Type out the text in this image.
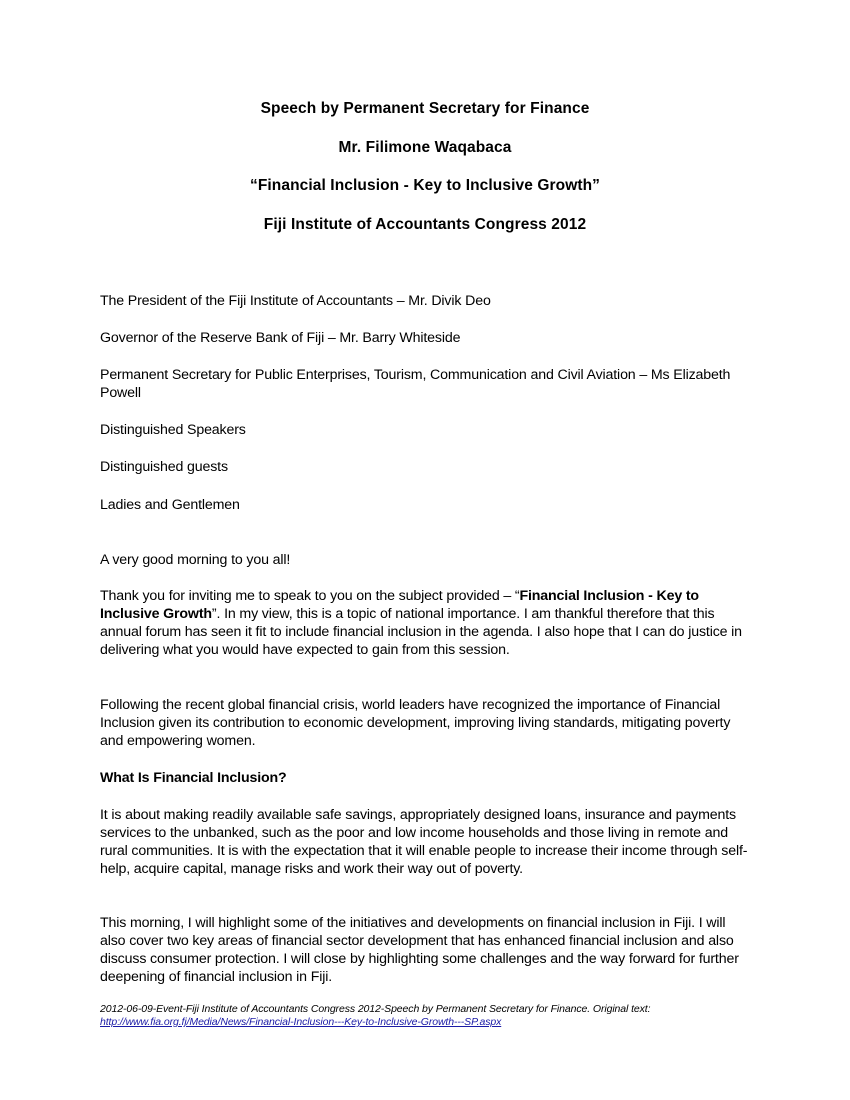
Speech by Permanent Secretary for Finance
Mr. Filimone Waqabaca
“Financial Inclusion - Key to Inclusive Growth”
Fiji Institute of Accountants Congress 2012
The President of the Fiji Institute of Accountants – Mr. Divik Deo
Governor of the Reserve Bank of Fiji – Mr. Barry Whiteside
Permanent Secretary for Public Enterprises, Tourism, Communication and Civil Aviation – Ms Elizabeth Powell
Distinguished Speakers
Distinguished guests
Ladies and Gentlemen
A very good morning to you all!
Thank you for inviting me to speak to you on the subject provided – “Financial Inclusion - Key to Inclusive Growth”. In my view, this is a topic of national importance. I am thankful therefore that this annual forum has seen it fit to include financial inclusion in the agenda. I also hope that I can do justice in delivering what you would have expected to gain from this session.
Following the recent global financial crisis, world leaders have recognized the importance of Financial Inclusion given its contribution to economic development, improving living standards, mitigating poverty and empowering women.
What Is Financial Inclusion?
It is about making readily available safe savings, appropriately designed loans, insurance and payments services to the unbanked, such as the poor and low income households and those living in remote and rural communities. It is with the expectation that it will enable people to increase their income through self-help, acquire capital, manage risks and work their way out of poverty.
This morning, I will highlight some of the initiatives and developments on financial inclusion in Fiji. I will also cover two key areas of financial sector development that has enhanced financial inclusion and also discuss consumer protection. I will close by highlighting some challenges and the way forward for further deepening of financial inclusion in Fiji.
2012-06-09-Event-Fiji Institute of Accountants Congress 2012-Speech by Permanent Secretary for Finance. Original text:
http://www.fia.org.fj/Media/News/Financial-Inclusion---Key-to-Inclusive-Growth---SP.aspx
